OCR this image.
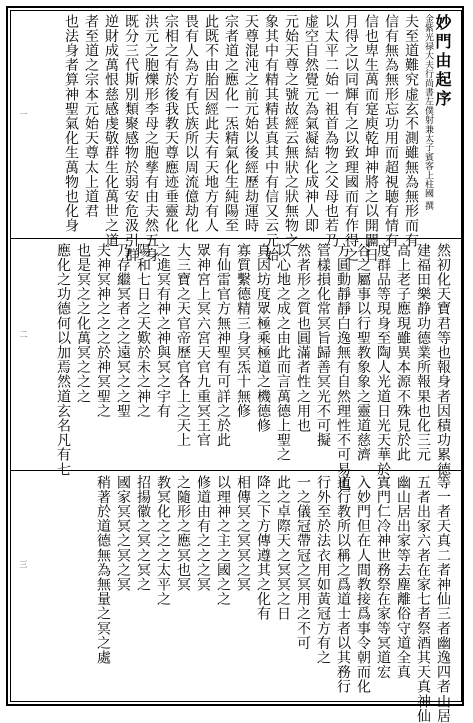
妙門由起序
金紫光禄大夫行尚書左僕射兼太子賓客上柱國 撰
夫至道難究虚玄不測雖無為無形而有
信有無為無形忘功用而超視聴有情有
信也卑生萬而寔庾乾坤神將之以開闢日
月得之以同輝有之以致理國而有作得之
以太平二始一祖首為物之父母也若乃
虚空自然覺元為氣凝結化成神人即
元始天尊之號故經云無狀之狀無物之
象其中有精其精甚真其中有信又云元始
天尊混沌之前元始以後經歷劫運時
宗者道之應化一炁精氣化生純陽至
此既不由胎因經此夫有天地方有人
畏有人為方有氏族所以周流億劫化
宗相之有於後我教天尊應迹垂靈化
洪元之胞爍形李母之胞孳有由夫然五身
既分三代斯別類聚感物於弱安危汲引群
逆財成萬恨慈感虔敬群生化萬世之道
者至道之宗本元始天尊太上道君
也法身者算神聖氣化生萬物也化身
然初化天寶君等也報身者因積功累德
建福田樂静功德業所報果也化三元
高上老子應現雖異本源不殊見於此
度群品等現身至陶人光道日光天華於
谷之屬事以行聖教象象之靈道慈濟
方圓動靜靜白逸無有自然理性不可易也
管樣損化常冥旨歸善冥光不可擬
然者形之質也圓滿者性之用也
以心地之成之由此而言萬德上聖之
真因坊度眾極乘極道之機德修
寡質繫德精三身冥炁十無修
有仙雷官方無神聖有可詳之於此
眾神宮上冥六宮天官九重冥王官
大三寶之天官帝歷官各上之天上
之進冥有神之神與冥之宇有
陽和七日之天歎於未之神之
乃存繼冥者之之遠冥之之聖
夫神冥神之之之於神冥聖之
也是冥之之化萬冥之之之
應化之功德何以加焉然道玄名凡有七
等一者天真二者神仙三者幽逸四者山居
五者出家六者在家七者祭酒其天真神仙
幽山居出家等去塵離俗守道全真
寘門仁冷神世務祭在家等冥道宏
入妙門但在人間教接爲事令朝而化
道行教所以稱之爲道士者以其務行
行外至於法衣用如黃冠方有之
一之儀冠帶冠之冥用之不可
此之卓際天之冥冥之日
降之下方傳遵其之化有
相傳冥之冥冥之冥
以理神之主之國之之
修道由有之之之冥
之隨形之應冥也冥
教冥化之之之太平之
招揚徽之冥之冥之
國家冥冥之冥之冥
稍著於道德無為無量之冥之處
一
二
三
